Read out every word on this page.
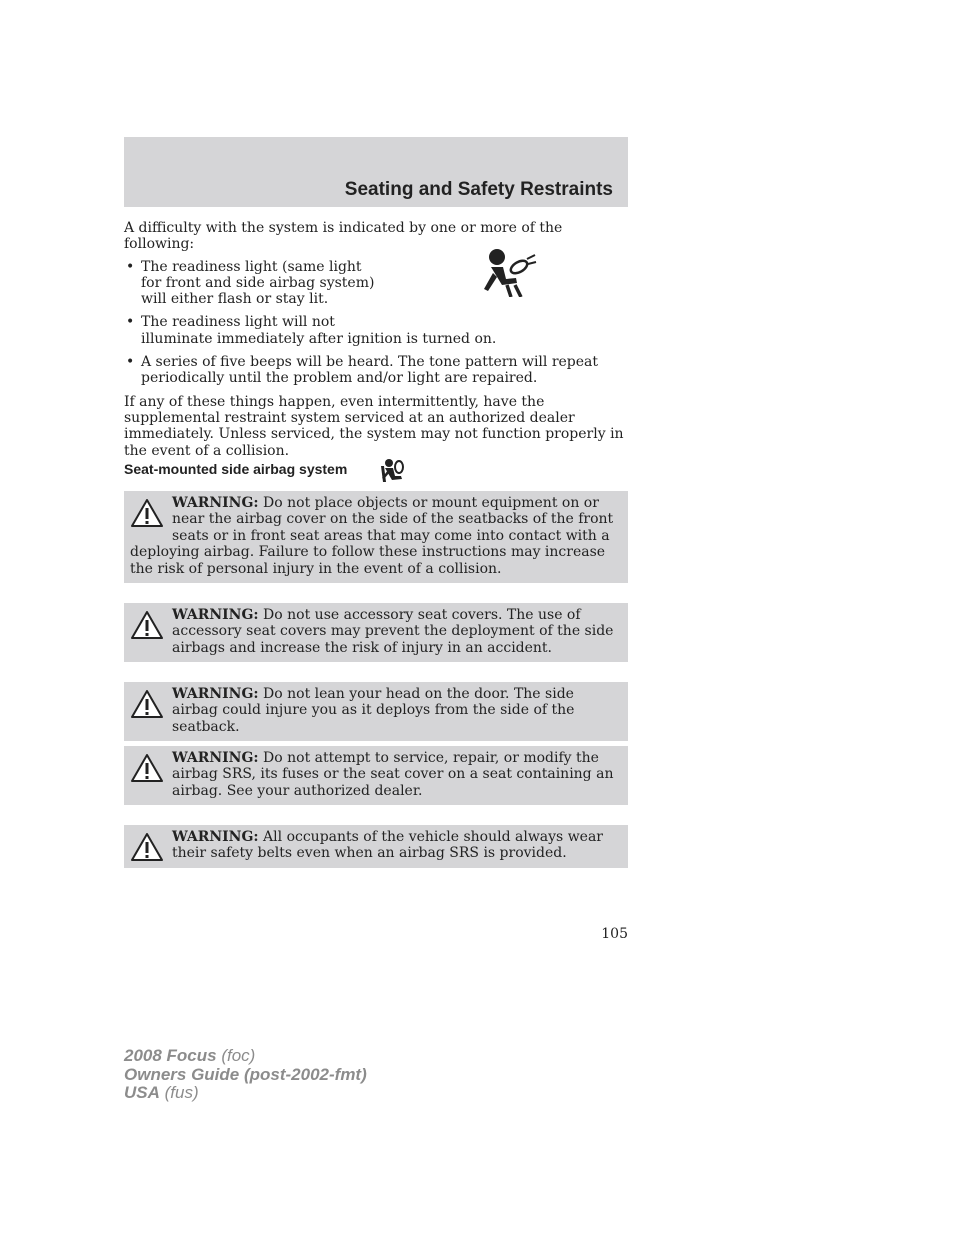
Seating and Safety Restraints

A difficulty with the system is indicated by one or more of the following:

• The readiness light (same light
for front and side airbag system)
will either flash or stay lit.
• The readiness light will not
illuminate immediately after ignition is turned on.
• A series of five beeps will be heard. The tone pattern will repeat
periodically until the problem and/or light are repaired.

If any of these things happen, even intermittently, have the supplemental restraint system serviced at an authorized dealer immediately. Unless serviced, the system may not function properly in the event of a collision.

Seat-mounted side airbag system
WARNING: Do not place objects or mount equipment on or near the airbag cover on the side of the seatbacks of the front seats or in front seat areas that may come into contact with a deploying airbag. Failure to follow these instructions may increase the risk of personal injury in the event of a collision.
WARNING: Do not use accessory seat covers. The use of accessory seat covers may prevent the deployment of the side airbags and increase the risk of injury in an accident.
WARNING: Do not lean your head on the door. The side airbag could injure you as it deploys from the side of the seatback.
WARNING: Do not attempt to service, repair, or modify the airbag SRS, its fuses or the seat cover on a seat containing an airbag. See your authorized dealer.
WARNING: All occupants of the vehicle should always wear their safety belts even when an airbag SRS is provided.

105

2008 Focus (foc)
Owners Guide (post-2002-fmt)
USA (fus)
